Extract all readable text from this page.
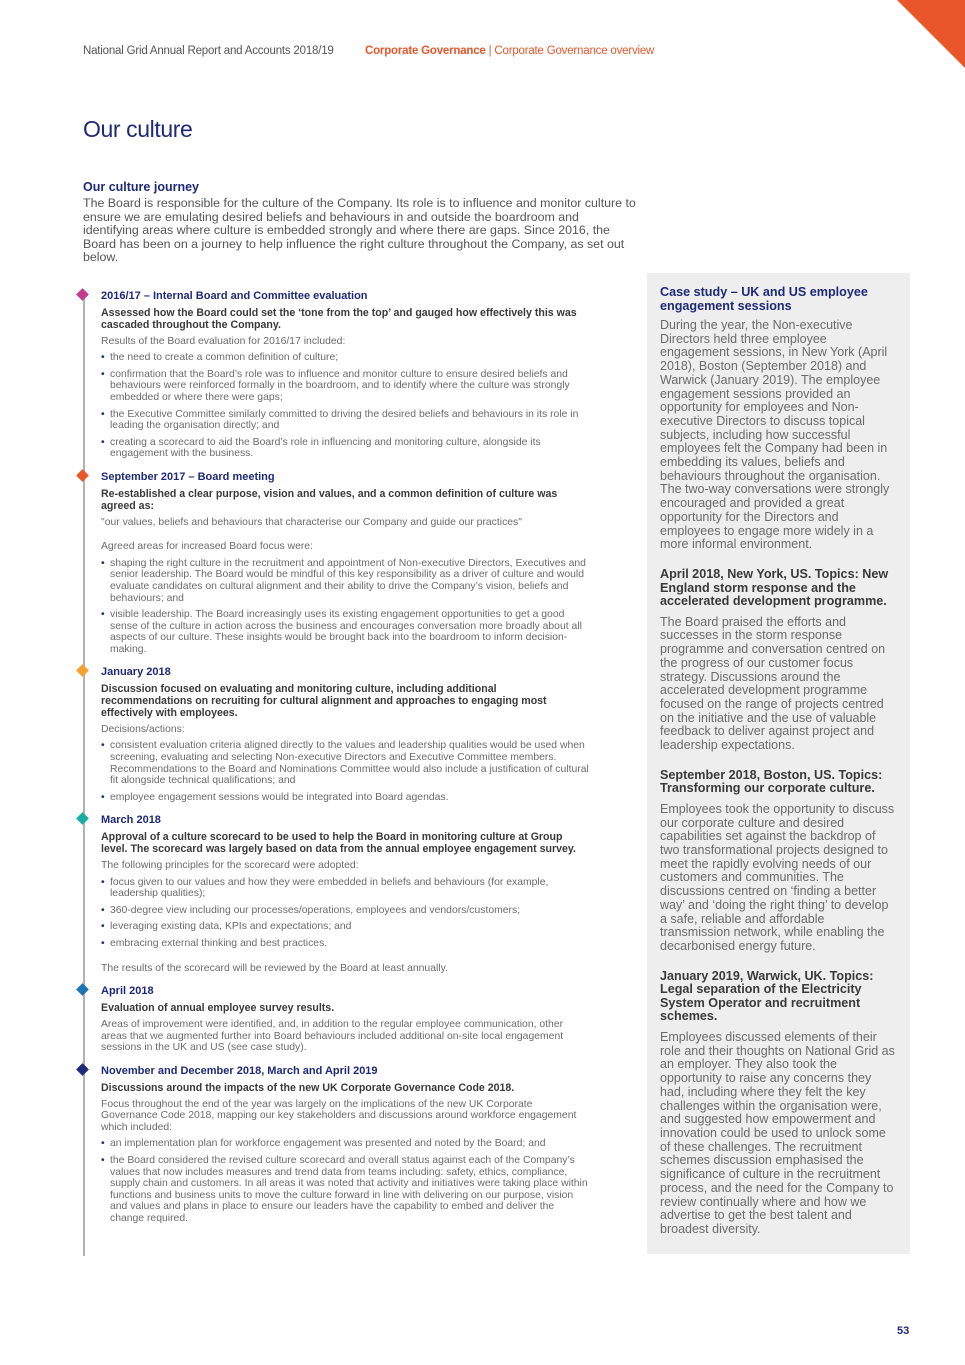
National Grid Annual Report and Accounts 2018/19	Corporate Governance | Corporate Governance overview
Our culture
Our culture journey

The Board is responsible for the culture of the Company. Its role is to influence and monitor culture to ensure we are emulating desired beliefs and behaviours in and outside the boardroom and identifying areas where culture is embedded strongly and where there are gaps. Since 2016, the Board has been on a journey to help influence the right culture throughout the Company, as set out below.

2016/17 – Internal Board and Committee evaluation

Assessed how the Board could set the ‘tone from the top’ and gauged how effectively this was cascaded throughout the Company.

Results of the Board evaluation for 2016/17 included:

• the need to create a common definition of culture;
• confirmation that the Board’s role was to influence and monitor culture to ensure desired beliefs and behaviours were reinforced formally in the boardroom, and to identify where the culture was strongly embedded or where there were gaps;
• the Executive Committee similarly committed to driving the desired beliefs and behaviours in its role in leading the organisation directly; and
• creating a scorecard to aid the Board’s role in influencing and monitoring culture, alongside its engagement with the business.
September 2017 – Board meeting

Re-established a clear purpose, vision and values, and a common definition of culture was agreed as:

"our values, beliefs and behaviours that characterise our Company and guide our practices"

Agreed areas for increased Board focus were:

• shaping the right culture in the recruitment and appointment of Non-executive Directors, Executives and senior leadership. The Board would be mindful of this key responsibility as a driver of culture and would evaluate candidates on cultural alignment and their ability to drive the Company’s vision, beliefs and behaviours; and
• visible leadership. The Board increasingly uses its existing engagement opportunities to get a good sense of the culture in action across the business and encourages conversation more broadly about all aspects of our culture. These insights would be brought back into the boardroom to inform decision-making.
January 2018

Discussion focused on evaluating and monitoring culture, including additional recommendations on recruiting for cultural alignment and approaches to engaging most effectively with employees.

Decisions/actions:

• consistent evaluation criteria aligned directly to the values and leadership qualities would be used when screening, evaluating and selecting Non-executive Directors and Executive Committee members. Recommendations to the Board and Nominations Committee would also include a justification of cultural fit alongside technical qualifications; and
• employee engagement sessions would be integrated into Board agendas.
March 2018

Approval of a culture scorecard to be used to help the Board in monitoring culture at Group level. The scorecard was largely based on data from the annual employee engagement survey.

The following principles for the scorecard were adopted:

• focus given to our values and how they were embedded in beliefs and behaviours (for example, leadership qualities);
• 360-degree view including our processes/operations, employees and vendors/customers;
• leveraging existing data, KPIs and expectations; and
• embracing external thinking and best practices.

The results of the scorecard will be reviewed by the Board at least annually.

April 2018

Evaluation of annual employee survey results.

Areas of improvement were identified, and, in addition to the regular employee communication, other areas that we augmented further into Board behaviours included additional on-site local engagement sessions in the UK and US (see case study).

November and December 2018, March and April 2019

Discussions around the impacts of the new UK Corporate Governance Code 2018.

Focus throughout the end of the year was largely on the implications of the new UK Corporate Governance Code 2018, mapping our key stakeholders and discussions around workforce engagement which included:

• an implementation plan for workforce engagement was presented and noted by the Board; and
• the Board considered the revised culture scorecard and overall status against each of the Company’s values that now includes measures and trend data from teams including: safety, ethics, compliance, supply chain and customers. In all areas it was noted that activity and initiatives were taking place within functions and business units to move the culture forward in line with delivering on our purpose, vision and values and plans in place to ensure our leaders have the capability to embed and deliver the change required.
Case study – UK and US employee engagement sessions

During the year, the Non-executive Directors held three employee engagement sessions, in New York (April 2018), Boston (September 2018) and Warwick (January 2019). The employee engagement sessions provided an opportunity for employees and Non-executive Directors to discuss topical subjects, including how successful employees felt the Company had been in embedding its values, beliefs and behaviours throughout the organisation. The two-way conversations were strongly encouraged and provided a great opportunity for the Directors and employees to engage more widely in a more informal environment.

April 2018, New York, US. Topics: New England storm response and the accelerated development programme.

The Board praised the efforts and successes in the storm response programme and conversation centred on the progress of our customer focus strategy. Discussions around the accelerated development programme focused on the range of projects centred on the initiative and the use of valuable feedback to deliver against project and leadership expectations.

September 2018, Boston, US. Topics: Transforming our corporate culture.

Employees took the opportunity to discuss our corporate culture and desired capabilities set against the backdrop of two transformational projects designed to meet the rapidly evolving needs of our customers and communities. The discussions centred on ‘finding a better way’ and ‘doing the right thing’ to develop a safe, reliable and affordable transmission network, while enabling the decarbonised energy future.

January 2019, Warwick, UK. Topics: Legal separation of the Electricity System Operator and recruitment schemes.

Employees discussed elements of their role and their thoughts on National Grid as an employer. They also took the opportunity to raise any concerns they had, including where they felt the key challenges within the organisation were, and suggested how empowerment and innovation could be used to unlock some of these challenges. The recruitment schemes discussion emphasised the significance of culture in the recruitment process, and the need for the Company to review continually where and how we advertise to get the best talent and broadest diversity.

53
